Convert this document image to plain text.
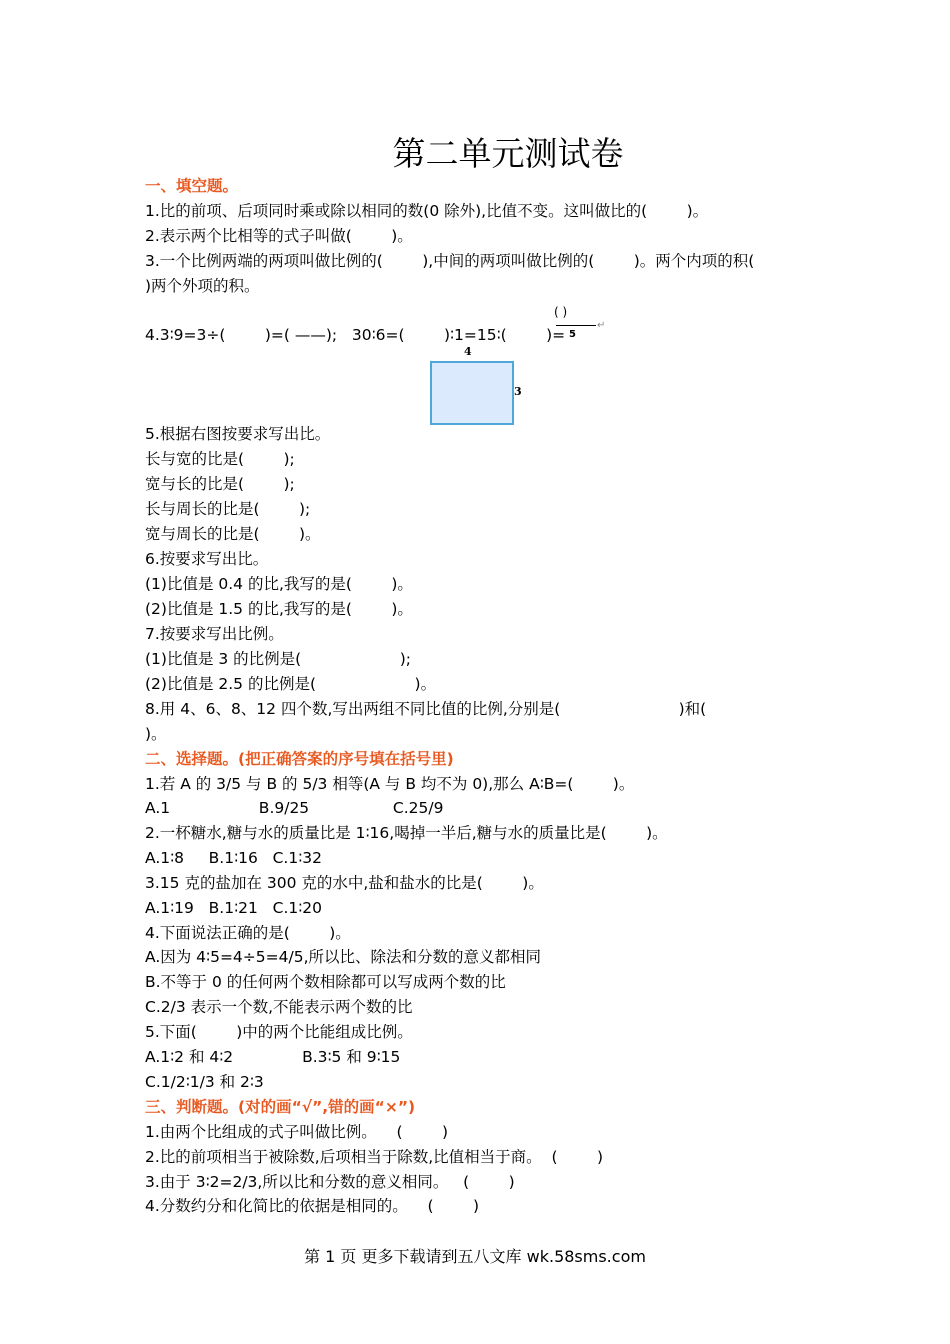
第二单元测试卷
一、填空题。
1.比的前项、后项同时乘或除以相同的数(0 除外),比值不变。这叫做比的(        )。
2.表示两个比相等的式子叫做(        )。
3.一个比例两端的两项叫做比例的(        ),中间的两项叫做比例的(        )。两个内项的积(
)两个外项的积。
4.3∶9=3÷(        )=( ——);   30∶6=(        )∶1=15∶(        )=
5.根据右图按要求写出比。
长与宽的比是(        );
宽与长的比是(        );
长与周长的比是(        );
宽与周长的比是(        )。
6.按要求写出比。
(1)比值是 0.4 的比,我写的是(        )。
(2)比值是 1.5 的比,我写的是(        )。
7.按要求写出比例。
(1)比值是 3 的比例是(                    );
(2)比值是 2.5 的比例是(                    )。
8.用 4、6、8、12 四个数,写出两组不同比值的比例,分别是(                        )和(
)。
二、选择题。(把正确答案的序号填在括号里)
1.若 A 的 3/5 与 B 的 5/3 相等(A 与 B 均不为 0),那么 A∶B=(        )。
A.1                  B.9/25                 C.25/9
2.一杯糖水,糖与水的质量比是 1∶16,喝掉一半后,糖与水的质量比是(        )。
A.1∶8     B.1∶16   C.1∶32
3.15 克的盐加在 300 克的水中,盐和盐水的比是(        )。
A.1∶19   B.1∶21   C.1∶20
4.下面说法正确的是(        )。
A.因为 4∶5=4÷5=4/5,所以比、除法和分数的意义都相同
B.不等于 0 的任何两个数相除都可以写成两个数的比
C.2/3 表示一个数,不能表示两个数的比
5.下面(        )中的两个比能组成比例。
A.1∶2 和 4∶2              B.3∶5 和 9∶15
C.1/2∶1/3 和 2∶3
三、判断题。(对的画“√”,错的画“×”)
1.由两个比组成的式子叫做比例。    (        )
2.比的前项相当于被除数,后项相当于除数,比值相当于商。  (        )
3.由于 3∶2=2/3,所以比和分数的意义相同。   (        )
4.分数约分和化简比的依据是相同的。    (        )
( )
5
↵
4
3
第 1 页 更多下载请到五八文库 wk.58sms.com
